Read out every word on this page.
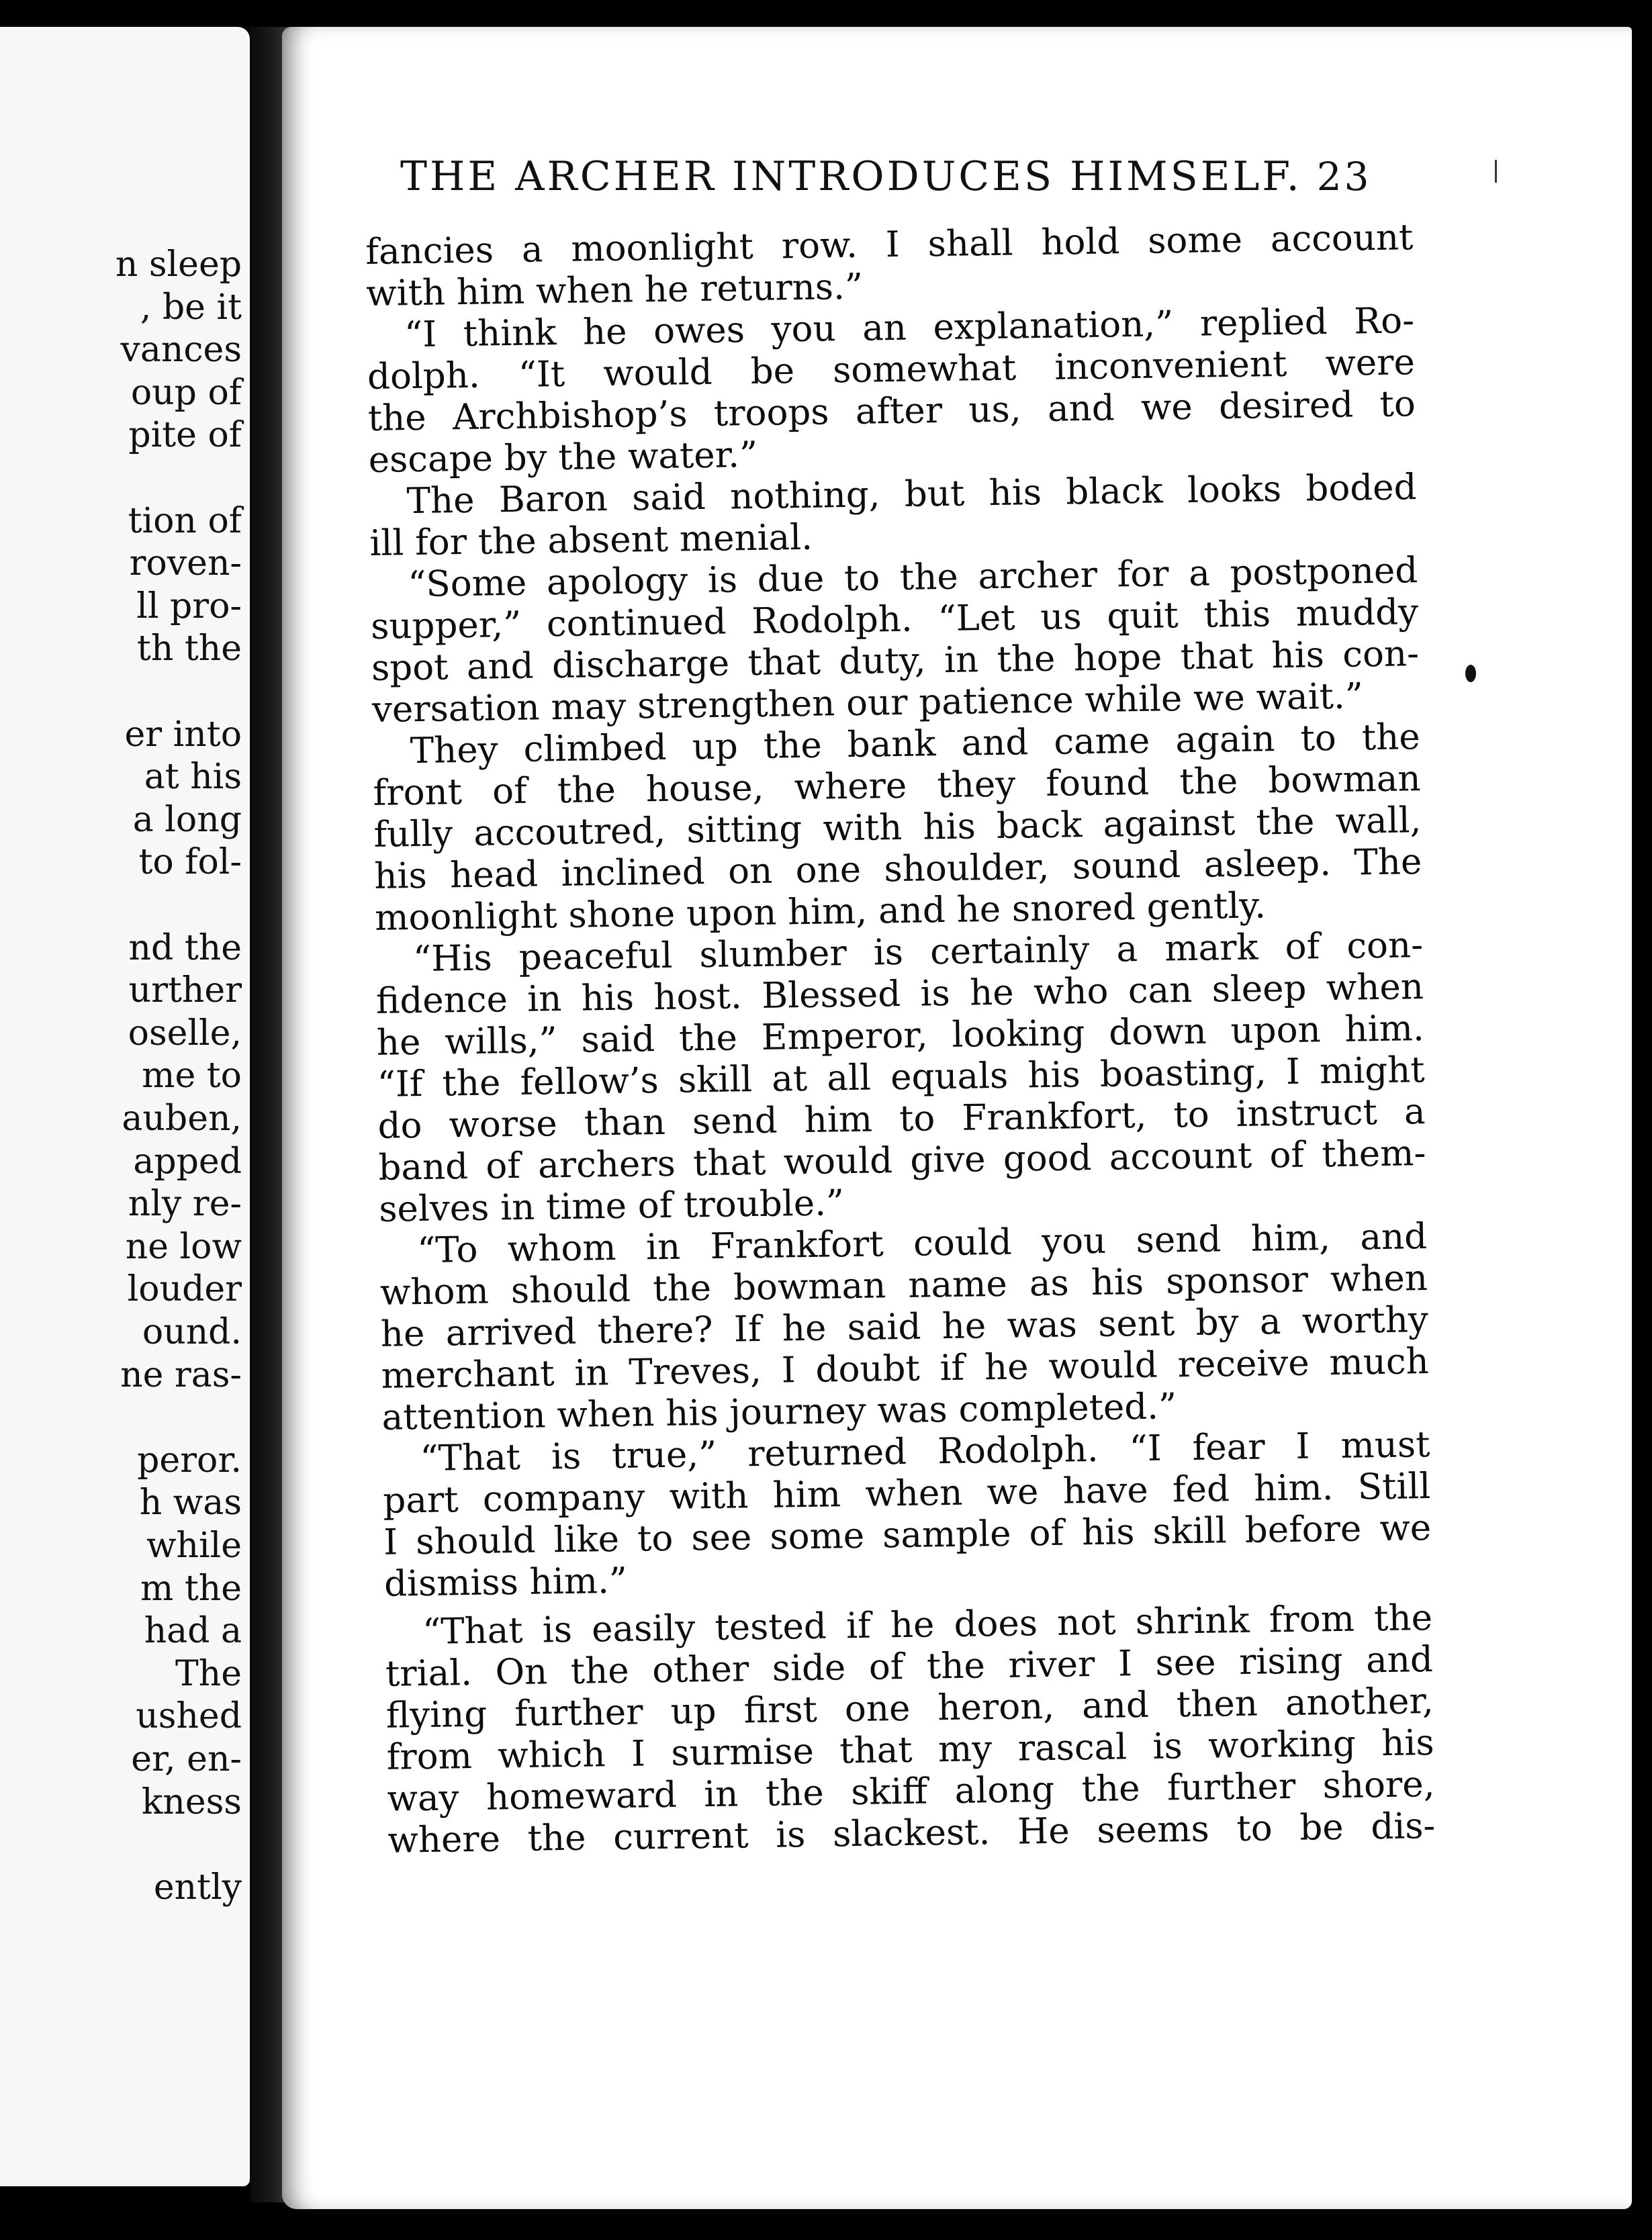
n sleep
, be it
vances
oup of
pite of
tion of
roven-
ll pro-
th the
er into
at his
a long
to fol-
nd the
urther
oselle,
me to
auben,
apped
nly re-
ne low
louder
ound.
ne ras-
peror.
h was
while
m the
had a
The
ushed
er, en-
kness
ently
THE ARCHER INTRODUCES HIMSELF. 23
fancies a moonlight row. I shall hold some account
with him when he returns.”
“I think he owes you an explanation,” replied Ro-
dolph. “It would be somewhat inconvenient were
the Archbishop’s troops after us, and we desired to
escape by the water.”
The Baron said nothing, but his black looks boded
ill for the absent menial.
“Some apology is due to the archer for a postponed
supper,” continued Rodolph. “Let us quit this muddy
spot and discharge that duty, in the hope that his con-
versation may strengthen our patience while we wait.”
They climbed up the bank and came again to the
front of the house, where they found the bowman
fully accoutred, sitting with his back against the wall,
his head inclined on one shoulder, sound asleep. The
moonlight shone upon him, and he snored gently.
“His peaceful slumber is certainly a mark of con-
fidence in his host. Blessed is he who can sleep when
he wills,” said the Emperor, looking down upon him.
“If the fellow’s skill at all equals his boasting, I might
do worse than send him to Frankfort, to instruct a
band of archers that would give good account of them-
selves in time of trouble.”
“To whom in Frankfort could you send him, and
whom should the bowman name as his sponsor when
he arrived there? If he said he was sent by a worthy
merchant in Treves, I doubt if he would receive much
attention when his journey was completed.”
“That is true,” returned Rodolph. “I fear I must
part company with him when we have fed him. Still
I should like to see some sample of his skill before we
dismiss him.”
“That is easily tested if he does not shrink from the
trial. On the other side of the river I see rising and
flying further up first one heron, and then another,
from which I surmise that my rascal is working his
way homeward in the skiff along the further shore,
where the current is slackest. He seems to be dis-
